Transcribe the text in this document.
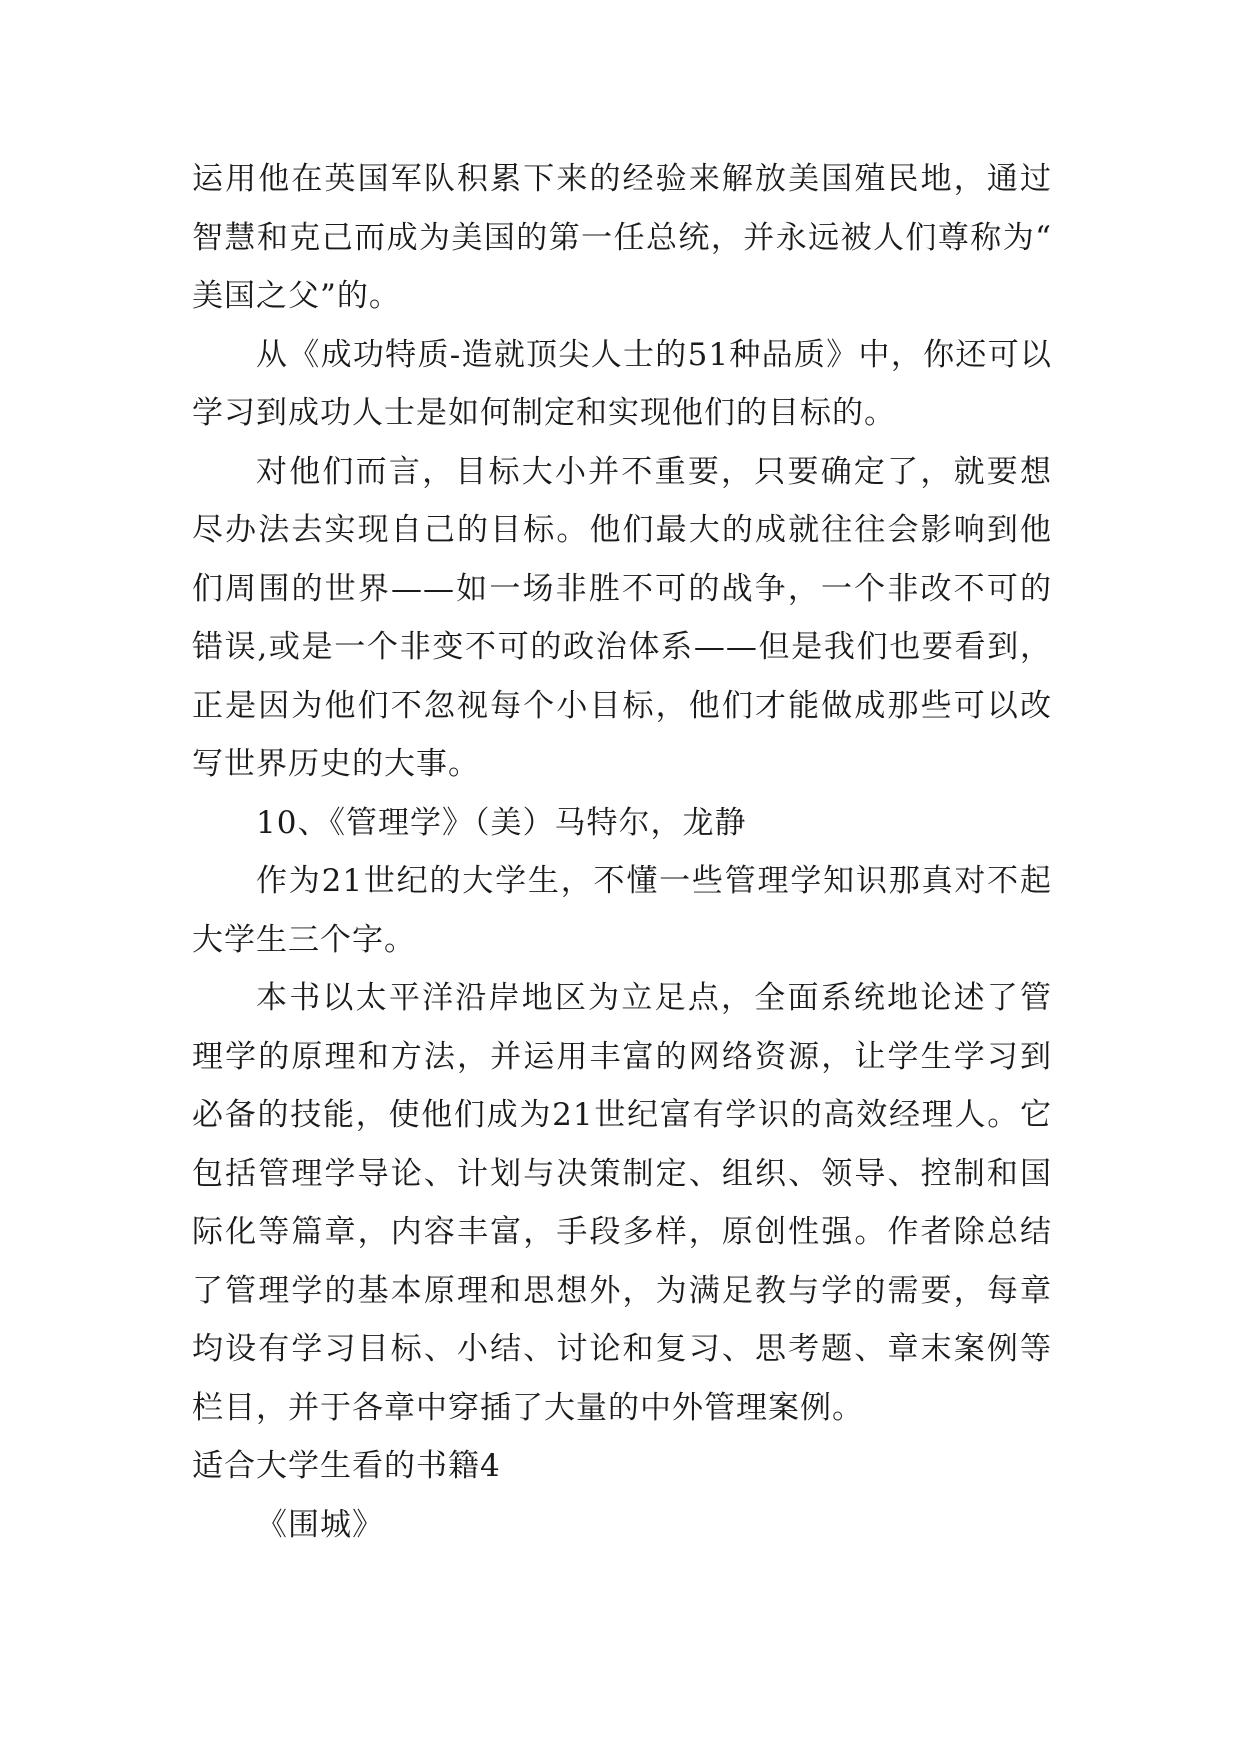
运用他在英国军队积累下来的经验来解放美国殖民地，通过智慧和克己而成为美国的第一任总统，并永远被人们尊称为“ 美国之父”的。

从《成功特质-造就顶尖人士的51种品质》中，你还可以学习到成功人士是如何制定和实现他们的目标的。

对他们而言，目标大小并不重要，只要确定了，就要想尽办法去实现自己的目标。他们最大的成就往往会影响到他们周围的世界——如一场非胜不可的战争，一个非改不可的错误,或是一个非变不可的政治体系——但是我们也要看到，正是因为他们不忽视每个小目标，他们才能做成那些可以改写世界历史的大事。

10、《管理学》（美）马特尔，龙静

作为21世纪的大学生，不懂一些管理学知识那真对不起大学生三个字。

本书以太平洋沿岸地区为立足点，全面系统地论述了管理学的原理和方法，并运用丰富的网络资源，让学生学习到必备的技能，使他们成为21世纪富有学识的高效经理人。它包括管理学导论、计划与决策制定、组织、领导、控制和国际化等篇章，内容丰富，手段多样，原创性强。作者除总结了管理学的基本原理和思想外，为满足教与学的需要，每章均设有学习目标、小结、讨论和复习、思考题、章末案例等栏目，并于各章中穿插了大量的中外管理案例。

适合大学生看的书籍4

《围城》
